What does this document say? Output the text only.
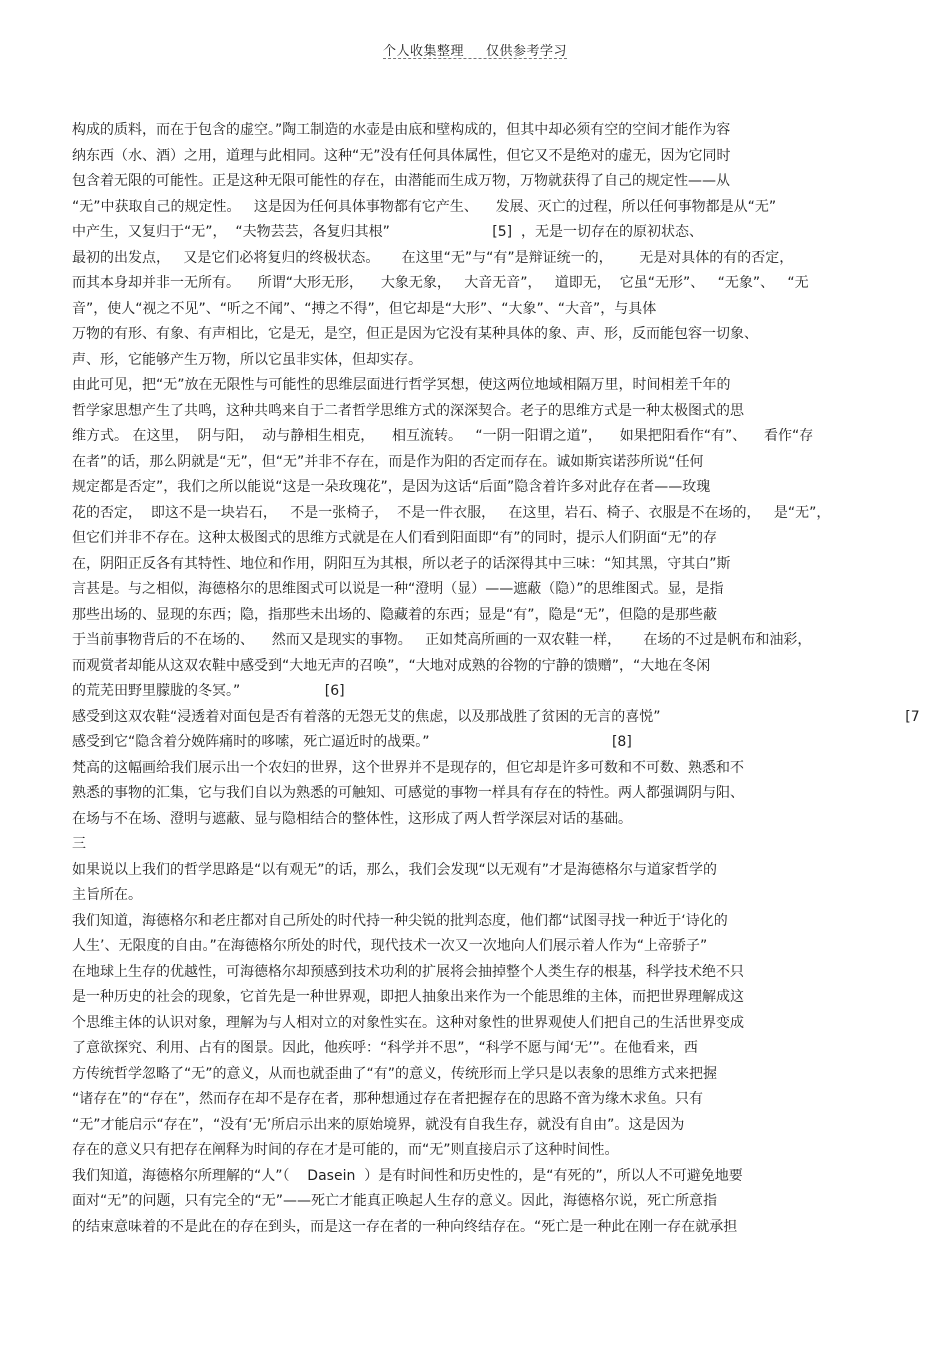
个人收集整理 仅供参考学习
构成的质料，而在于包含的虚空。”陶工制造的水壶是由底和壁构成的，但其中却必须有空的空间才能作为容
纳东西（水、酒）之用，道理与此相同。这种“无”没有任何具体属性，但它又不是绝对的虚无，因为它同时
包含着无限的可能性。正是这种无限可能性的存在，由潜能而生成万物，万物就获得了自己的规定性——从
“无”中获取自己的规定性。   这是因为任何具体事物都有它产生、    发展、灭亡的过程，所以任何事物都是从“无”
中产生，又复归于“无”，  “夫物芸芸，各复归其根”                       [5]  ，无是一切存在的原初状态、
最初的出发点，   又是它们必将复归的终极状态。     在这里“无”与“有”是辩证统一的，      无是对具体的有的否定，
而其本身却并非一无所有。    所谓“大形无形，    大象无象，   大音无音”，   道即无，  它虽“无形”、   “无象”、   “无
音”，使人“视之不见”、“听之不闻”、“搏之不得”，但它却是“大形”、“大象”、“大音”，与具体
万物的有形、有象、有声相比，它是无，是空，但正是因为它没有某种具体的象、声、形，反而能包容一切象、
声、形，它能够产生万物，所以它虽非实体，但却实存。
由此可见，把“无”放在无限性与可能性的思维层面进行哲学冥想，使这两位地域相隔万里，时间相差千年的
哲学家思想产生了共鸣，这种共鸣来自于二者哲学思维方式的深深契合。老子的思维方式是一种太极图式的思
维方式。 在这里，  阴与阳，  动与静相生相克，    相互流转。   “一阴一阳谓之道”，    如果把阳看作“有”、    看作“存
在者”的话，那么阴就是“无”，但“无”并非不存在，而是作为阳的否定而存在。诚如斯宾诺莎所说“任何
规定都是否定”，我们之所以能说“这是一朵玫瑰花”，是因为这话“后面”隐含着许多对此存在者——玫瑰
花的否定，  即这不是一块岩石，   不是一张椅子，  不是一件衣服，   在这里，岩石、椅子、衣服是不在场的，   是“无”，
但它们并非不存在。这种太极图式的思维方式就是在人们看到阳面即“有”的同时，提示人们阴面“无”的存
在，阴阳正反各有其特性、地位和作用，阴阳互为其根，所以老子的话深得其中三味：“知其黑，守其白”斯
言甚是。与之相似，海德格尔的思维图式可以说是一种“澄明（显）——遮蔽（隐）”的思维图式。显，是指
那些出场的、显现的东西；隐，指那些未出场的、隐藏着的东西；显是“有”，隐是“无”，但隐的是那些蔽
于当前事物背后的不在场的、    然而又是现实的事物。   正如梵高所画的一双农鞋一样，     在场的不过是帆布和油彩，
而观赏者却能从这双农鞋中感受到“大地无声的召唤”，“大地对成熟的谷物的宁静的馈赠”，“大地在冬闲
的荒芜田野里朦胧的冬冥。”                   [6]
感受到这双农鞋“浸透着对面包是否有着落的无怨无艾的焦虑，以及那战胜了贫困的无言的喜悦”                                                       [7
感受到它“隐含着分娩阵痛时的哆嗦，死亡逼近时的战栗。”                                         [8]
梵高的这幅画给我们展示出一个农妇的世界，这个世界并不是现存的，但它却是许多可数和不可数、熟悉和不
熟悉的事物的汇集，它与我们自以为熟悉的可触知、可感觉的事物一样具有存在的特性。两人都强调阴与阳、
在场与不在场、澄明与遮蔽、显与隐相结合的整体性，这形成了两人哲学深层对话的基础。
三
如果说以上我们的哲学思路是“以有观无”的话，那么，我们会发现“以无观有”才是海德格尔与道家哲学的
主旨所在。
我们知道，海德格尔和老庄都对自己所处的时代持一种尖锐的批判态度，他们都“试图寻找一种近于‘诗化的
人生’、无限度的自由。”在海德格尔所处的时代，现代技术一次又一次地向人们展示着人作为“上帝骄子”
在地球上生存的优越性，可海德格尔却预感到技术功利的扩展将会抽掉整个人类生存的根基，科学技术绝不只
是一种历史的社会的现象，它首先是一种世界观，即把人抽象出来作为一个能思维的主体，而把世界理解成这
个思维主体的认识对象，理解为与人相对立的对象性实在。这种对象性的世界观使人们把自己的生活世界变成
了意欲探究、利用、占有的图景。因此，他疾呼：“科学并不思”，“科学不愿与闻‘无’”。在他看来，西
方传统哲学忽略了“无”的意义，从而也就歪曲了“有”的意义，传统形而上学只是以表象的思维方式来把握
“诸存在”的“存在”，然而存在却不是存在者，那种想通过存在者把握存在的思路不啻为缘木求鱼。只有
“无”才能启示“存在”，“没有‘无’所启示出来的原始境界，就没有自我生存，就没有自由”。这是因为
存在的意义只有把存在阐释为时间的存在才是可能的，而“无”则直接启示了这种时间性。
我们知道，海德格尔所理解的“人”（    Dasein  ）是有时间性和历史性的，是“有死的”，所以人不可避免地要
面对“无”的问题，只有完全的“无”——死亡才能真正唤起人生存的意义。因此，海德格尔说，死亡所意指
的结束意味着的不是此在的存在到头，而是这一存在者的一种向终结存在。“死亡是一种此在刚一存在就承担
